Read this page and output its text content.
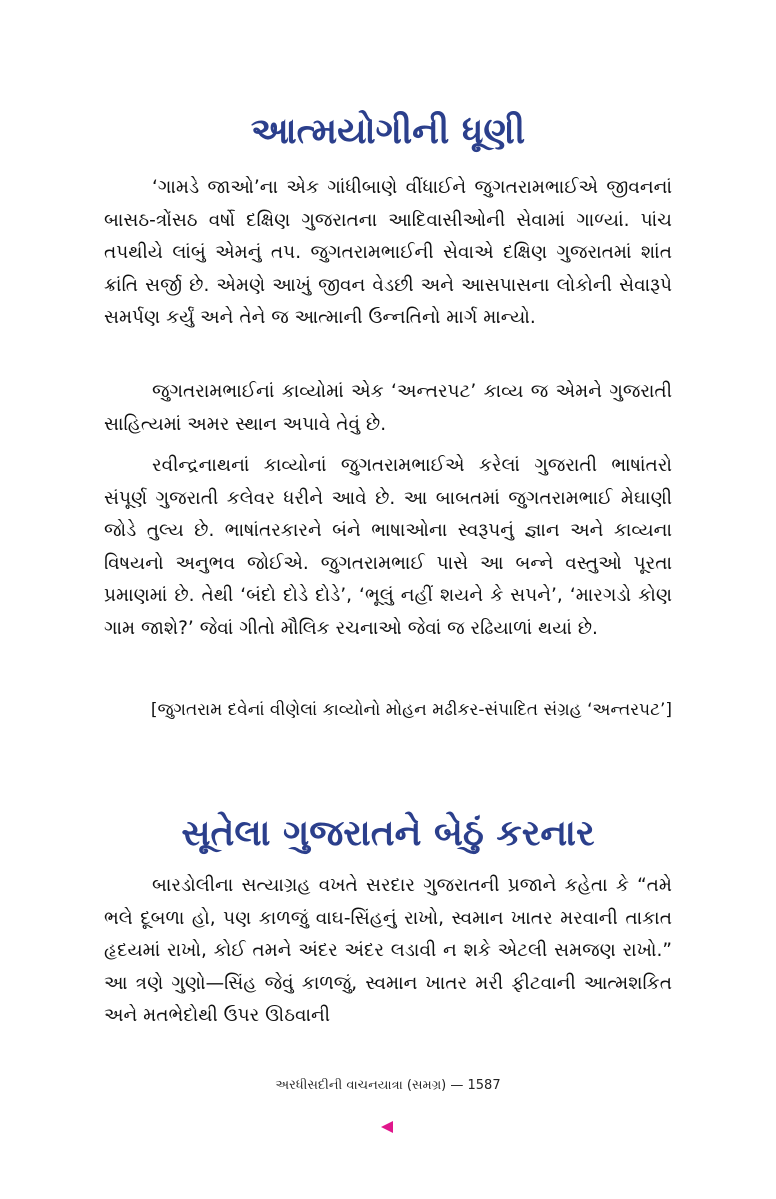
આત્મયોગીની ધૂણી

‘ગામડે જાઓ’ના એક ગાંધીબાણે વીંધાઈને જુગતરામભાઈએ જીવનનાં બાસઠ-ત્રોંસઠ વર્ષો દક્ષિણ ગુજરાતના આદિવાસીઓની સેવામાં ગાળ્યાં. પાંચ તપથીયે લાંબું એમનું તપ. જુગતરામભાઈની સેવાએ દક્ષિણ ગુજરાતમાં શાંત ક્રાંતિ સર્જી છે. એમણે આખું જીવન વેડછી અને આસપાસના લોકોની સેવારૂપે સમર્પણ કર્યું અને તેને જ આત્માની ઉન્નતિનો માર્ગ માન્યો.

જુગતરામભાઈનાં કાવ્યોમાં એક ‘અન્તરપટ’ કાવ્ય જ એમને ગુજરાતી સાહિત્યમાં અમર સ્થાન અપાવે તેવું છે.

રવીન્દ્રનાથનાં કાવ્યોનાં જુગતરામભાઈએ કરેલાં ગુજરાતી ભાષાંતરો સંપૂર્ણ ગુજરાતી કલેવર ધરીને આવે છે. આ બાબતમાં જુગતરામભાઈ મેઘાણી જોડે તુલ્ય છે. ભાષાંતરકારને બંને ભાષાઓના સ્વરૂપનું જ્ઞાન અને કાવ્યના વિષયનો અનુભવ જોઈએ. જુગતરામભાઈ પાસે આ બન્ને વસ્તુઓ પૂરતા પ્રમાણમાં છે. તેથી ‘બંદો દોડે દોડે’, ‘ભૂલું નહીં શયને કે સપને’, ‘મારગડો કોણ ગામ જાશે?’ જેવાં ગીતો મૌલિક રચનાઓ જેવાં જ રઢિયાળાં થયાં છે.

[જુગતરામ દવેનાં વીણેલાં કાવ્યોનો મોહન મઢીકર-સંપાદિત સંગ્રહ ‘અન્તરપટ’]

સૂતેલા ગુજરાતને બેઠું કરનાર

બારડોલીના સત્યાગ્રહ વખતે સરદાર ગુજરાતની પ્રજાને કહેતા કે “તમે ભલે દૂબળા હો, પણ કાળજું વાઘ-સિંહનું રાખો, સ્વમાન ખાતર મરવાની તાકાત હૃદયમાં રાખો, કોઈ તમને અંદર અંદર લડાવી ન શકે એટલી સમજણ રાખો.” આ ત્રણે ગુણો—સિંહ જેવું કાળજું, સ્વમાન ખાતર મરી ફીટવાની આત્મશકિત અને મતભેદોથી ઉપર ઊઠવાની

અરધીસદીની વાચનયાત્રા (સમગ્ર) — 1587
